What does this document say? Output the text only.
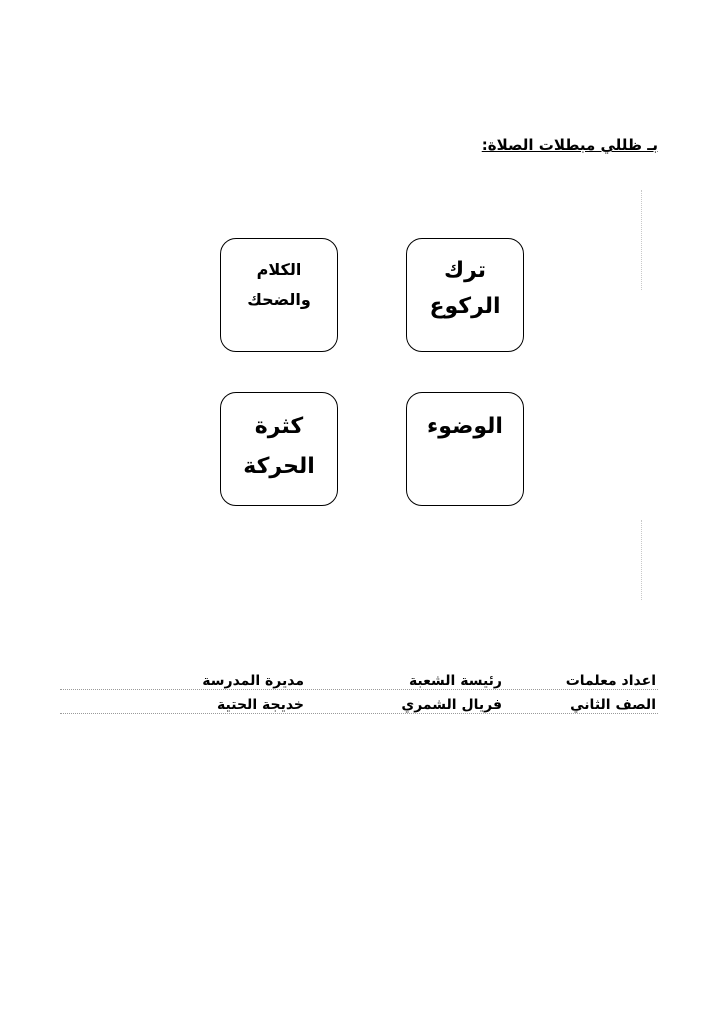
بـ ظللي مبطلات الصلاة:
ترك
الركوع
الكلام
والضحك
الوضوء
كثرة
الحركة
اعداد معلمات
رئيسة الشعبة
مديرة المدرسة
الصف الثاني
فريال الشمري
خديجة الحتية
